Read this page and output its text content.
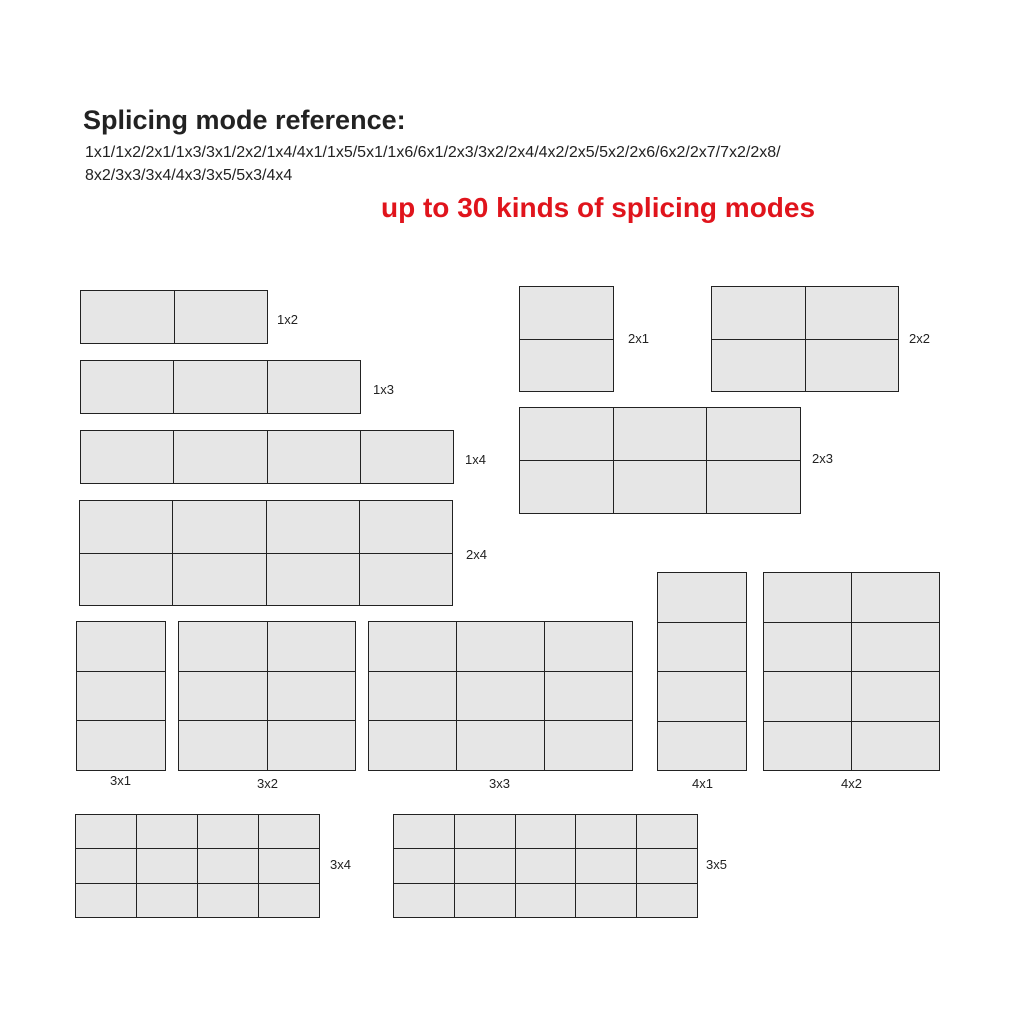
Splicing mode reference:
1x1/1x2/2x1/1x3/3x1/2x2/1x4/4x1/1x5/5x1/1x6/6x1/2x3/3x2/2x4/4x2/2x5/5x2/2x6/6x2/2x7/7x2/2x8/
8x2/3x3/3x4/4x3/3x5/5x3/4x4
up to 30 kinds of splicing modes
1x2
1x3
1x4
2x4
2x1	2x2
2x3
3x1	3x2	3x3	4x1	4x2
3x4	3x5
